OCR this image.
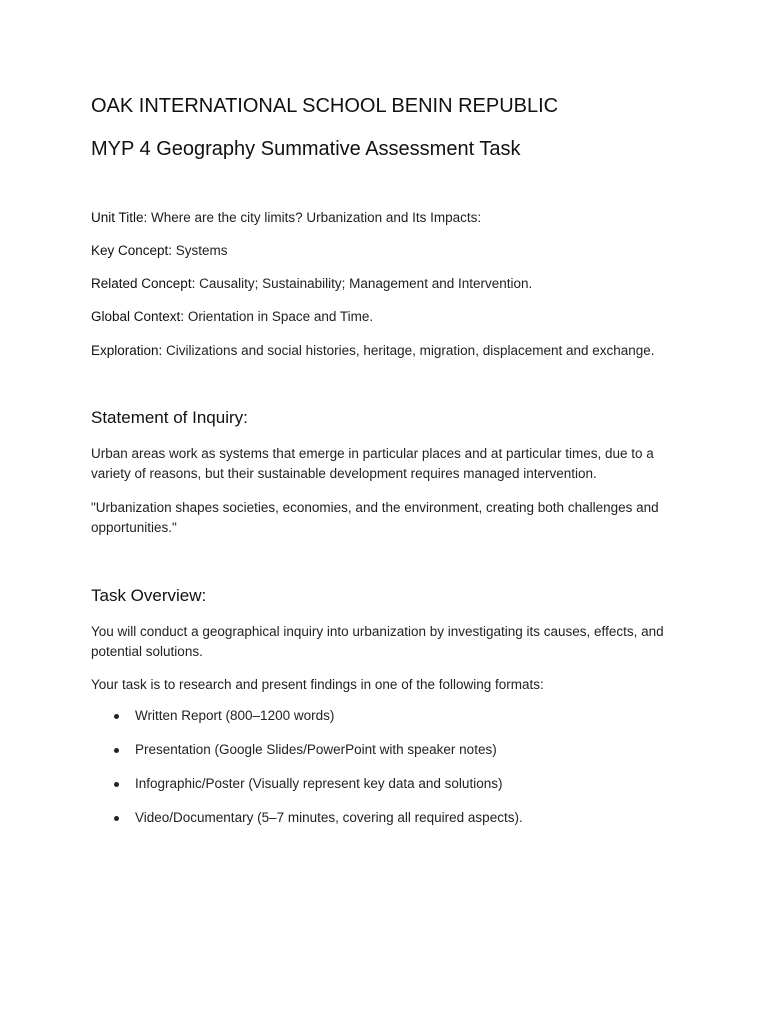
OAK INTERNATIONAL SCHOOL BENIN REPUBLIC
MYP 4 Geography Summative Assessment Task
Unit Title: Where are the city limits? Urbanization and Its Impacts:
Key Concept: Systems
Related Concept: Causality; Sustainability; Management and Intervention.
Global Context: Orientation in Space and Time.
Exploration: Civilizations and social histories, heritage, migration, displacement and exchange.
Statement of Inquiry:
Urban areas work as systems that emerge in particular places and at particular times, due to a variety of reasons, but their sustainable development requires managed intervention.
"Urbanization shapes societies, economies, and the environment, creating both challenges and opportunities."
Task Overview:
You will conduct a geographical inquiry into urbanization by investigating its causes, effects, and potential solutions.
Your task is to research and present findings in one of the following formats:
Written Report (800–1200 words)
Presentation (Google Slides/PowerPoint with speaker notes)
Infographic/Poster (Visually represent key data and solutions)
Video/Documentary (5–7 minutes, covering all required aspects).
